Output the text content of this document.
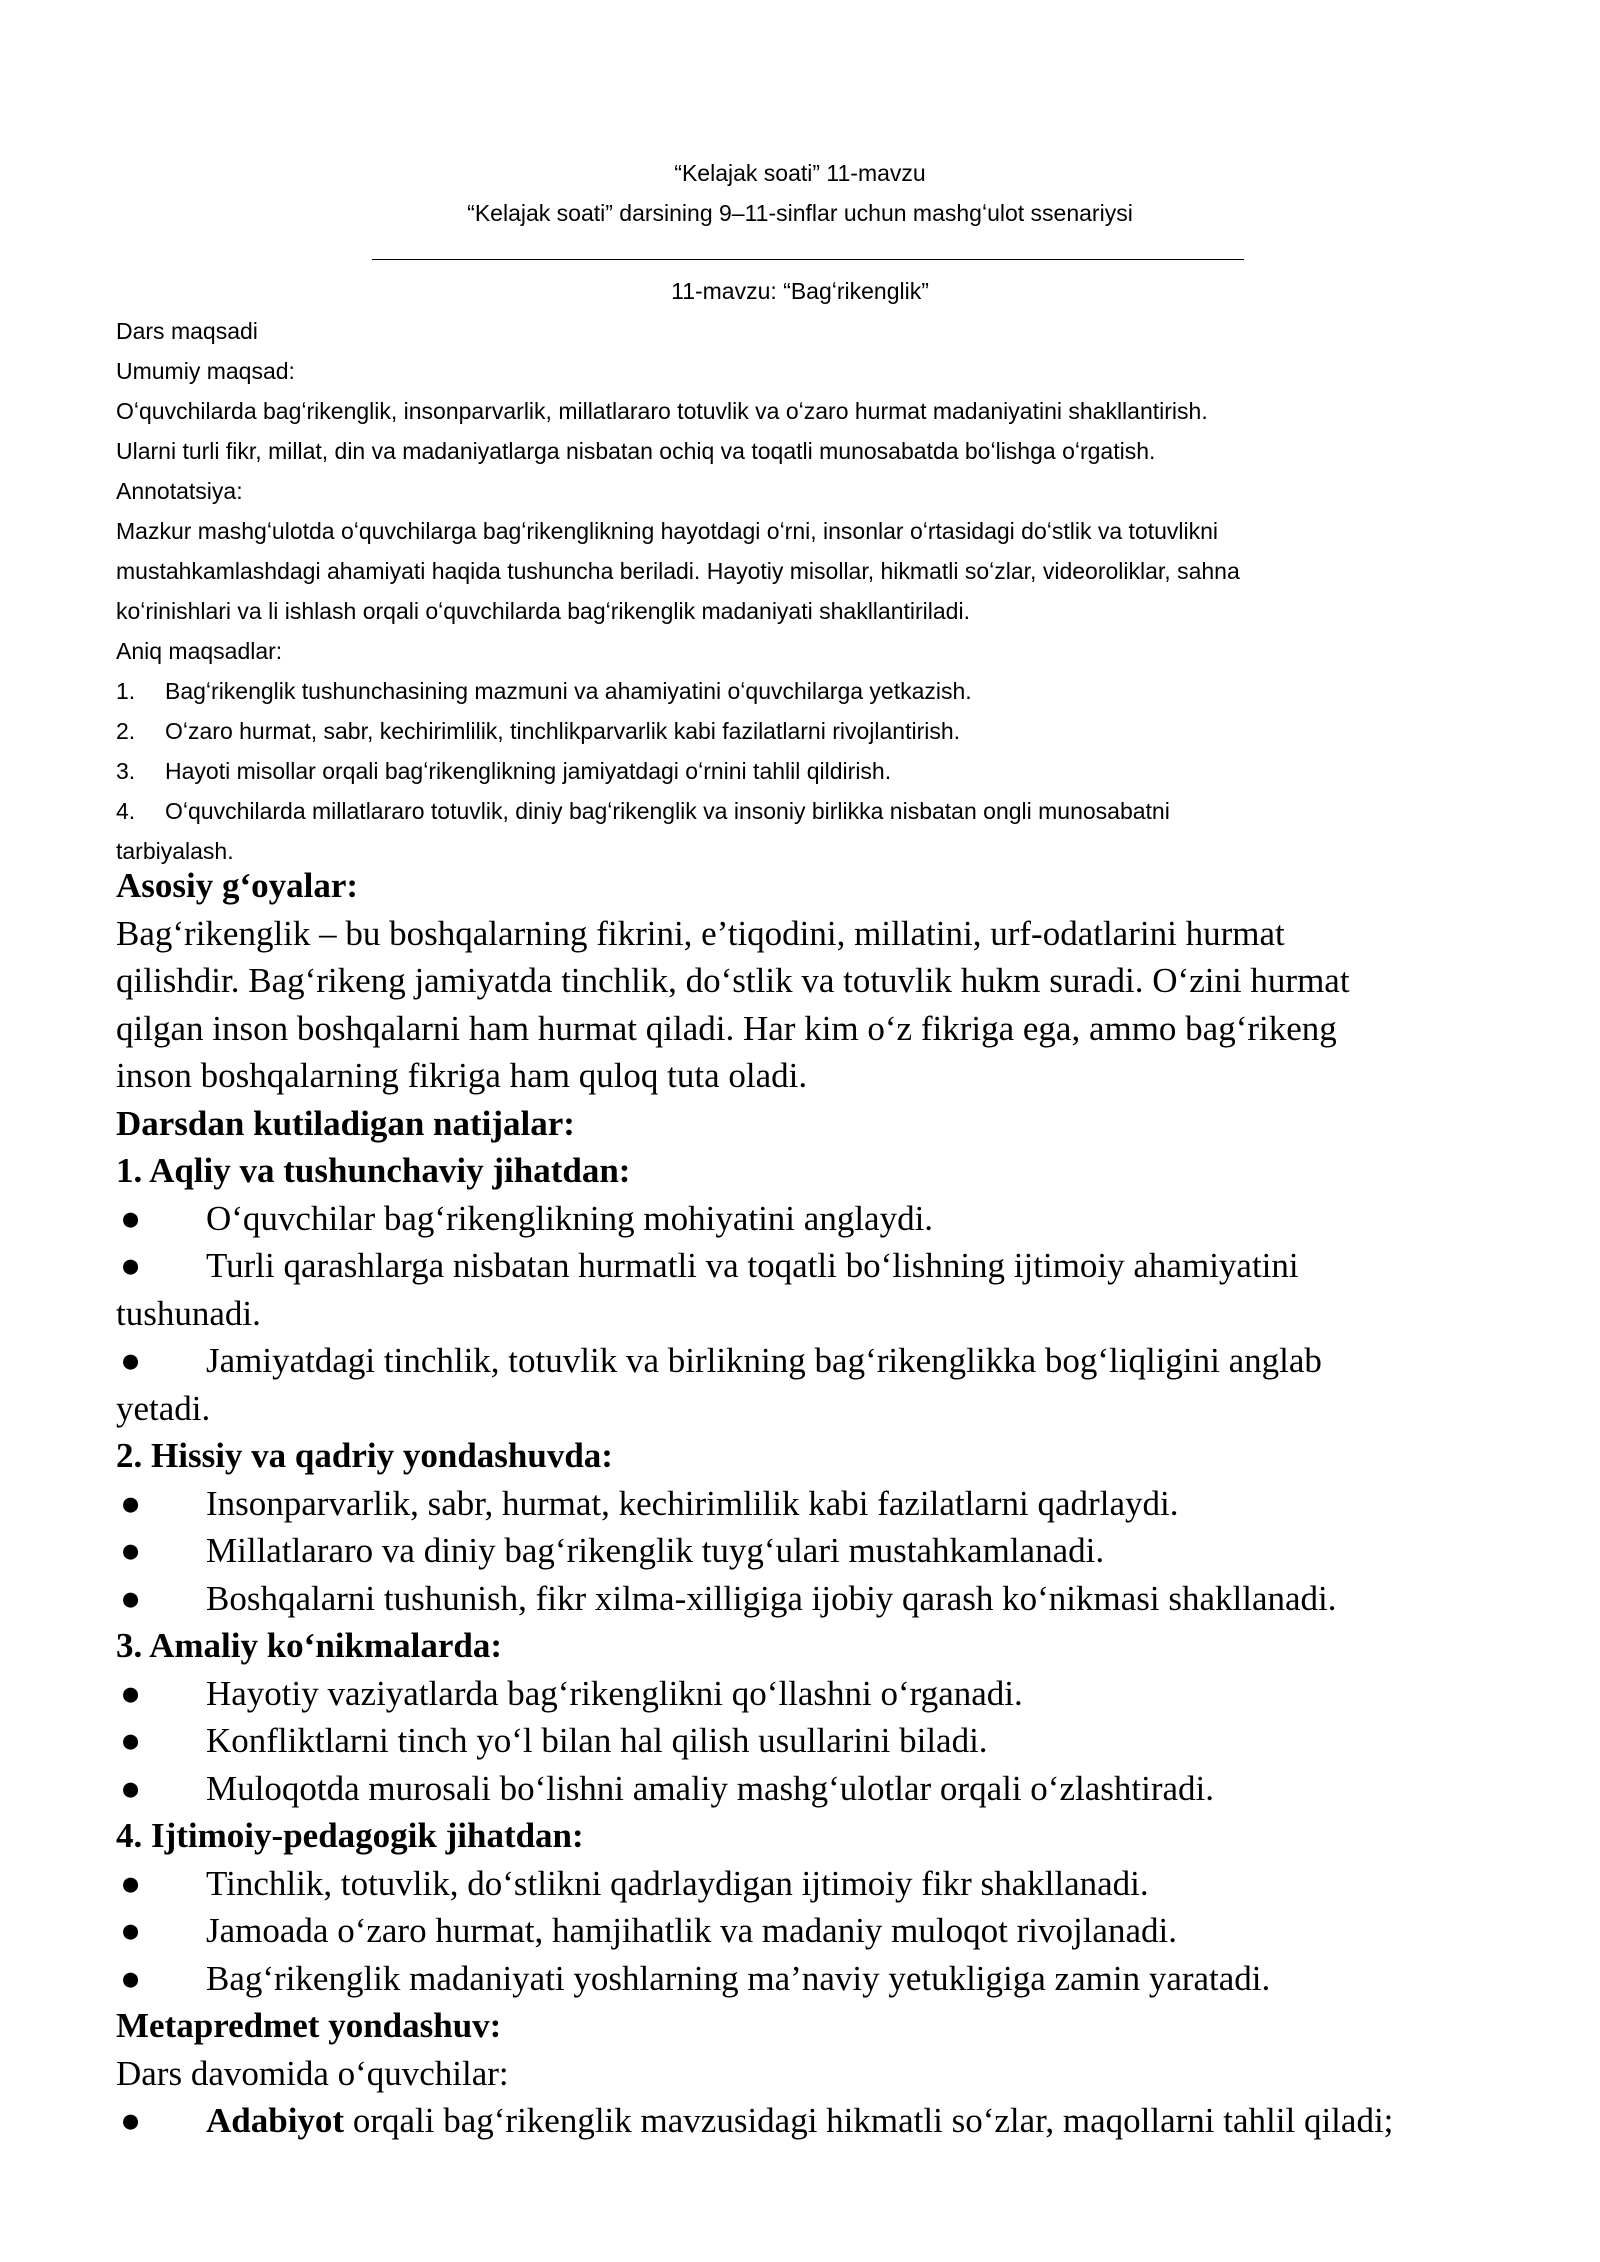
“Kelajak soati” 11-mavzu
“Kelajak soati” darsining 9–11-sinflar uchun mashgʻulot ssenariysi
11-mavzu: “Bagʻrikenglik”
Dars maqsadi
Umumiy maqsad:
Oʻquvchilarda bagʻrikenglik, insonparvarlik, millatlararo totuvlik va oʻzaro hurmat madaniyatini shakllantirish.
Ularni turli fikr, millat, din va madaniyatlarga nisbatan ochiq va toqatli munosabatda boʻlishga oʻrgatish.
Annotatsiya:
Mazkur mashgʻulotda oʻquvchilarga bagʻrikenglikning hayotdagi oʻrni, insonlar oʻrtasidagi doʻstlik va totuvlikni
mustahkamlashdagi ahamiyati haqida tushuncha beriladi. Hayotiy misollar, hikmatli soʻzlar, videoroliklar, sahna
koʻrinishlari va li ishlash orqali oʻquvchilarda bagʻrikenglik madaniyati shakllantiriladi.
Aniq maqsadlar:
1.	Bagʻrikenglik tushunchasining mazmuni va ahamiyatini oʻquvchilarga yetkazish.
2.	Oʻzaro hurmat, sabr, kechirimlilik, tinchlikparvarlik kabi fazilatlarni rivojlantirish.
3.	Hayoti misollar orqali bagʻrikenglikning jamiyatdagi oʻrnini tahlil qildirish.
4.	Oʻquvchilarda millatlararo totuvlik, diniy bagʻrikenglik va insoniy birlikka nisbatan ongli munosabatni
tarbiyalash.
Asosiy gʻoyalar:
Bagʻrikenglik – bu boshqalarning fikrini, e’tiqodini, millatini, urf-odatlarini hurmat
qilishdir. Bagʻrikeng jamiyatda tinchlik, doʻstlik va totuvlik hukm suradi. Oʻzini hurmat
qilgan inson boshqalarni ham hurmat qiladi. Har kim oʻz fikriga ega, ammo bagʻrikeng
inson boshqalarning fikriga ham quloq tuta oladi.
Darsdan kutiladigan natijalar:
1. Aqliy va tushunchaviy jihatdan:
●	Oʻquvchilar bagʻrikenglikning mohiyatini anglaydi.
●	Turli qarashlarga nisbatan hurmatli va toqatli boʻlishning ijtimoiy ahamiyatini
tushunadi.
●	Jamiyatdagi tinchlik, totuvlik va birlikning bagʻrikenglikka bogʻliqligini anglab
yetadi.
2. Hissiy va qadriy yondashuvda:
●	Insonparvarlik, sabr, hurmat, kechirimlilik kabi fazilatlarni qadrlaydi.
●	Millatlararo va diniy bagʻrikenglik tuygʻulari mustahkamlanadi.
●	Boshqalarni tushunish, fikr xilma-xilligiga ijobiy qarash koʻnikmasi shakllanadi.
3. Amaliy koʻnikmalarda:
●	Hayotiy vaziyatlarda bagʻrikenglikni qoʻllashni oʻrganadi.
●	Konfliktlarni tinch yoʻl bilan hal qilish usullarini biladi.
●	Muloqotda murosali boʻlishni amaliy mashgʻulotlar orqali oʻzlashtiradi.
4. Ijtimoiy-pedagogik jihatdan:
●	Tinchlik, totuvlik, doʻstlikni qadrlaydigan ijtimoiy fikr shakllanadi.
●	Jamoada oʻzaro hurmat, hamjihatlik va madaniy muloqot rivojlanadi.
●	Bagʻrikenglik madaniyati yoshlarning ma’naviy yetukligiga zamin yaratadi.
Metapredmet yondashuv:
Dars davomida oʻquvchilar:
●	Adabiyot orqali bagʻrikenglik mavzusidagi hikmatli soʻzlar, maqollarni tahlil qiladi;
